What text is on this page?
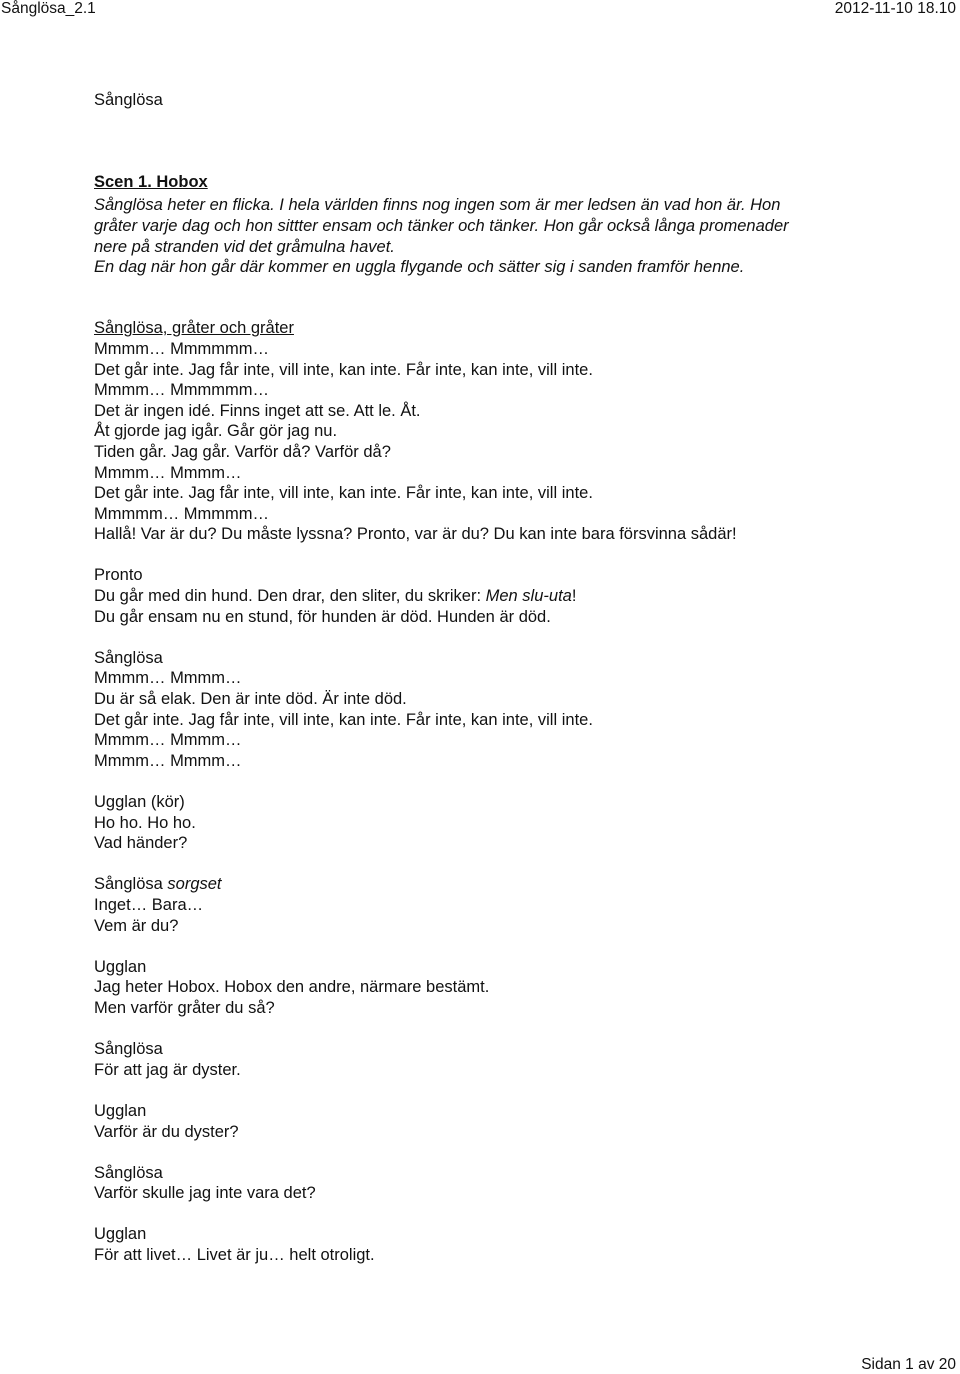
Sånglösa_2.1	2012-11-10 18.10
Sånglösa
Scen 1. Hobox
Sånglösa heter en flicka. I hela världen finns nog ingen som är mer ledsen än vad hon är. Hon
gråter varje dag och hon sittter ensam och tänker och tänker. Hon går också långa promenader
nere på stranden vid det gråmulna havet.
En dag när hon går där kommer en uggla flygande och sätter sig i sanden framför henne.
Sånglösa, gråter och gråter
Mmmm… Mmmmmm…
Det går inte. Jag får inte, vill inte, kan inte. Får inte, kan inte, vill inte.
Mmmm… Mmmmmm…
Det är ingen idé. Finns inget att se. Att le. Åt.
Åt gjorde jag igår. Går gör jag nu.
Tiden går. Jag går. Varför då? Varför då?
Mmmm… Mmmm…
Det går inte. Jag får inte, vill inte, kan inte. Får inte, kan inte, vill inte.
Mmmmm… Mmmmm…
Hallå! Var är du? Du måste lyssna? Pronto, var är du? Du kan inte bara försvinna sådär!
Pronto
Du går med din hund. Den drar, den sliter, du skriker: Men slu-uta!
Du går ensam nu en stund, för hunden är död. Hunden är död.
Sånglösa
Mmmm… Mmmm…
Du är så elak. Den är inte död. Är inte död.
Det går inte. Jag får inte, vill inte, kan inte. Får inte, kan inte, vill inte.
Mmmm… Mmmm…
Mmmm… Mmmm…
Ugglan (kör)
Ho ho. Ho ho.
Vad händer?
Sånglösa sorgset
Inget… Bara…
Vem är du?
Ugglan
Jag heter Hobox. Hobox den andre, närmare bestämt.
Men varför gråter du så?
Sånglösa
För att jag är dyster.
Ugglan
Varför är du dyster?
Sånglösa
Varför skulle jag inte vara det?
Ugglan
För att livet… Livet är ju… helt otroligt.
Sidan 1 av 20
